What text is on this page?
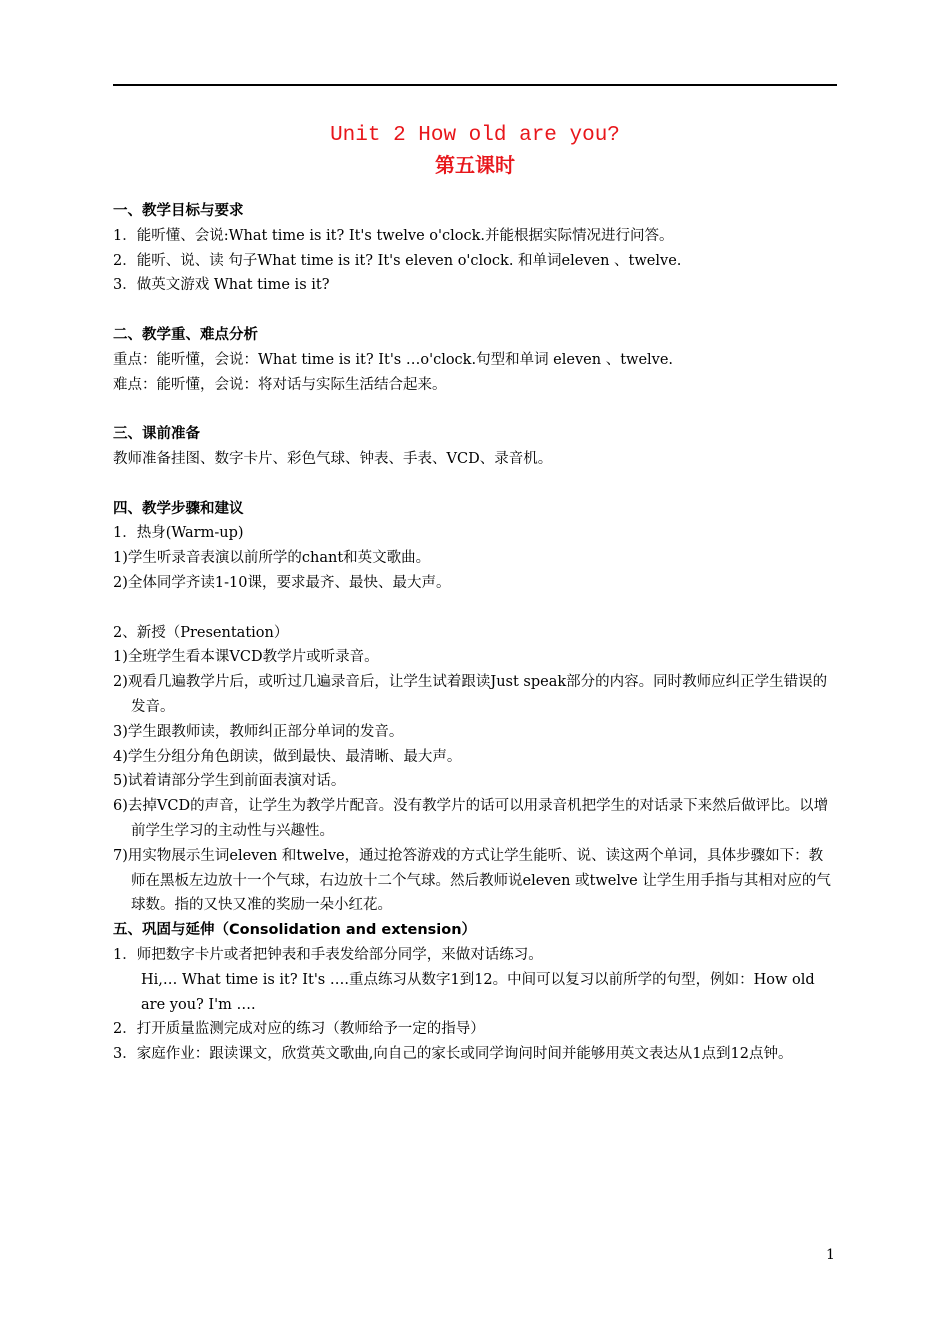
Unit 2 How old are you?
第五课时
一、教学目标与要求
1．能听懂、会说:What time is it? It's twelve o'clock.并能根据实际情况进行问答。
2．能听、说、读 句子What time is it? It's eleven o'clock. 和单词eleven 、twelve.
3．做英文游戏 What time is it?
二、教学重、难点分析
重点：能听懂，会说：What time is it? It's …o'clock.句型和单词 eleven 、twelve.
难点：能听懂，会说：将对话与实际生活结合起来。
三、课前准备
教师准备挂图、数字卡片、彩色气球、钟表、手表、VCD、录音机。
四、教学步骤和建议
1．热身(Warm-up)
1)学生听录音表演以前所学的chant和英文歌曲。
2)全体同学齐读1-10课，要求最齐、最快、最大声。
2、新授（Presentation）
1)全班学生看本课VCD教学片或听录音。
2)观看几遍教学片后，或听过几遍录音后，让学生试着跟读Just speak部分的内容。同时教师应纠正学生错误的发音。
3)学生跟教师读，教师纠正部分单词的发音。
4)学生分组分角色朗读，做到最快、最清晰、最大声。
5)试着请部分学生到前面表演对话。
6)去掉VCD的声音，让学生为教学片配音。没有教学片的话可以用录音机把学生的对话录下来然后做评比。以增前学生学习的主动性与兴趣性。
7)用实物展示生词eleven 和twelve，通过抢答游戏的方式让学生能听、说、读这两个单词，具体步骤如下：教师在黑板左边放十一个气球，右边放十二个气球。然后教师说eleven 或twelve 让学生用手指与其相对应的气球数。指的又快又准的奖励一朵小红花。
五、巩固与延伸（Consolidation and extension）
1．师把数字卡片或者把钟表和手表发给部分同学，来做对话练习。
Hi,… What time is it? It's ….重点练习从数字1到12。中间可以复习以前所学的句型，例如：How old are you? I'm ….
2．打开质量监测完成对应的练习（教师给予一定的指导）
3．家庭作业：跟读课文，欣赏英文歌曲,向自己的家长或同学询问时间并能够用英文表达从1点到12点钟。
1
